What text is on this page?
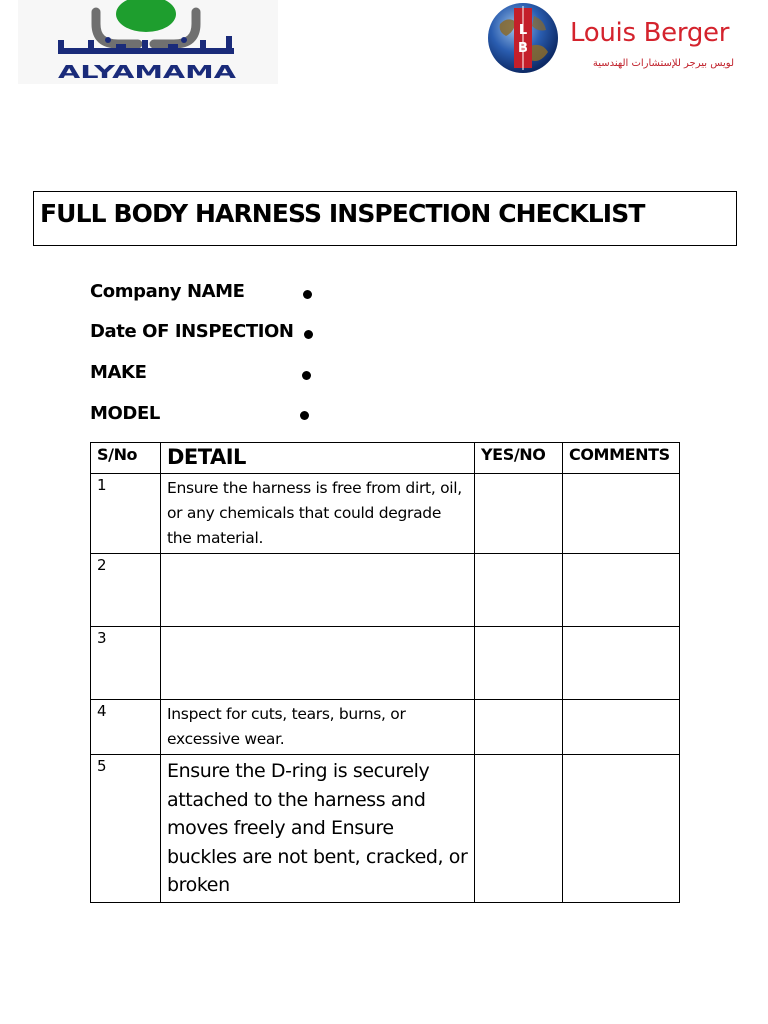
ALYAMAMA
L
B
Louis Berger
لويس بيرجر للإستشارات الهندسية
FULL BODY HARNESS INSPECTION CHECKLIST
Company NAME
Date OF INSPECTION
MAKE
MODEL
S/No	DETAIL	YES/NO	COMMENTS
1	Ensure the harness is free from dirt, oil, or any chemicals that could degrade the material.		
2			
3			
4	Inspect for cuts, tears, burns, or excessive wear.		
5	Ensure the D-ring is securely attached to the harness and moves freely and Ensure buckles are not bent, cracked, or broken		
